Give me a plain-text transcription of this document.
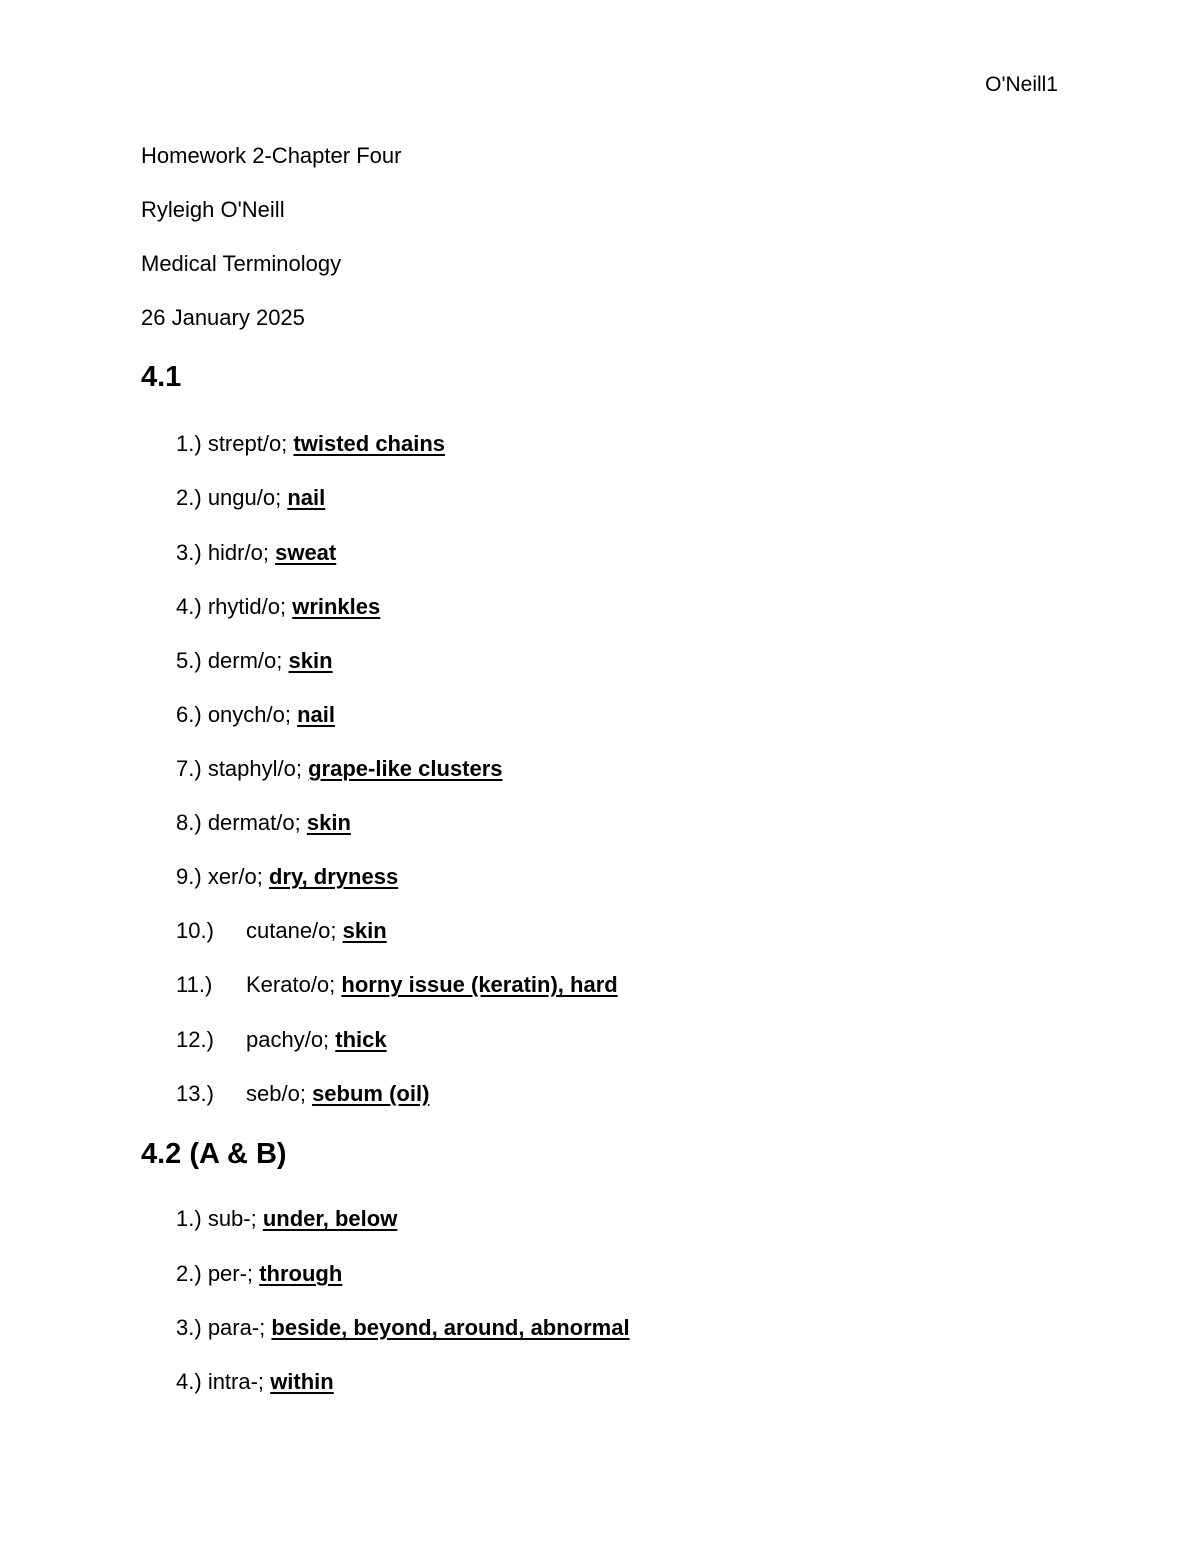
O'Neill1
Homework 2-Chapter Four
Ryleigh O'Neill
Medical Terminology
26 January 2025
4.1
1.) strept/o; twisted chains
2.) ungu/o; nail
3.) hidr/o; sweat
4.) rhytid/o; wrinkles
5.) derm/o; skin
6.) onych/o; nail
7.) staphyl/o; grape-like clusters
8.) dermat/o; skin
9.) xer/o; dry, dryness
10.) cutane/o; skin
11.) Kerato/o; horny issue (keratin), hard
12.) pachy/o; thick
13.) seb/o; sebum (oil)
4.2 (A & B)
1.) sub-; under, below
2.) per-; through
3.) para-; beside, beyond, around, abnormal
4.) intra-; within
